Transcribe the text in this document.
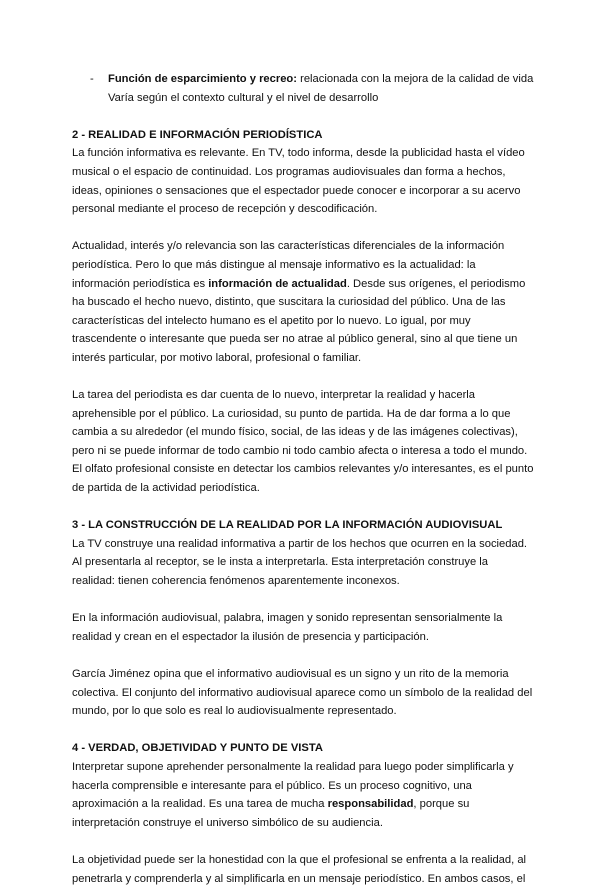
- Función de esparcimiento y recreo: relacionada con la mejora de la calidad de vida

Varía según el contexto cultural y el nivel de desarrollo

2 - REALIDAD E INFORMACIÓN PERIODÍSTICA

La función informativa es relevante. En TV, todo informa, desde la publicidad hasta el vídeo musical o el espacio de continuidad. Los programas audiovisuales dan forma a hechos, ideas, opiniones o sensaciones que el espectador puede conocer e incorporar a su acervo personal mediante el proceso de recepción y descodificación.

Actualidad, interés y/o relevancia son las características diferenciales de la información periodística. Pero lo que más distingue al mensaje informativo es la actualidad: la información periodística es información de actualidad. Desde sus orígenes, el periodismo ha buscado el hecho nuevo, distinto, que suscitara la curiosidad del público. Una de las características del intelecto humano es el apetito por lo nuevo. Lo igual, por muy trascendente o interesante que pueda ser no atrae al público general, sino al que tiene un interés particular, por motivo laboral, profesional o familiar.

La tarea del periodista es dar cuenta de lo nuevo, interpretar la realidad y hacerla aprehensible por el público. La curiosidad, su punto de partida. Ha de dar forma a lo que cambia a su alrededor (el mundo físico, social, de las ideas y de las imágenes colectivas), pero ni se puede informar de todo cambio ni todo cambio afecta o interesa a todo el mundo. El olfato profesional consiste en detectar los cambios relevantes y/o interesantes, es el punto de partida de la actividad periodística.

3 - LA CONSTRUCCIÓN DE LA REALIDAD POR LA INFORMACIÓN AUDIOVISUAL

La TV construye una realidad informativa a partir de los hechos que ocurren en la sociedad. Al presentarla al receptor, se le insta a interpretarla. Esta interpretación construye la realidad: tienen coherencia fenómenos aparentemente inconexos.

En la información audiovisual, palabra, imagen y sonido representan sensorialmente la realidad y crean en el espectador la ilusión de presencia y participación.

García Jiménez opina que el informativo audiovisual es un signo y un rito de la memoria colectiva. El conjunto del informativo audiovisual aparece como un símbolo de la realidad del mundo, por lo que solo es real lo audiovisualmente representado.

4 - VERDAD, OBJETIVIDAD Y PUNTO DE VISTA

Interpretar supone aprehender personalmente la realidad para luego poder simplificarla y hacerla comprensible e interesante para el público. Es un proceso cognitivo, una aproximación a la realidad. Es una tarea de mucha responsabilidad, porque su interpretación construye el universo simbólico de su audiencia.

La objetividad puede ser la honestidad con la que el profesional se enfrenta a la realidad, al penetrarla y comprenderla y al simplificarla en un mensaje periodístico. En ambos casos, el
